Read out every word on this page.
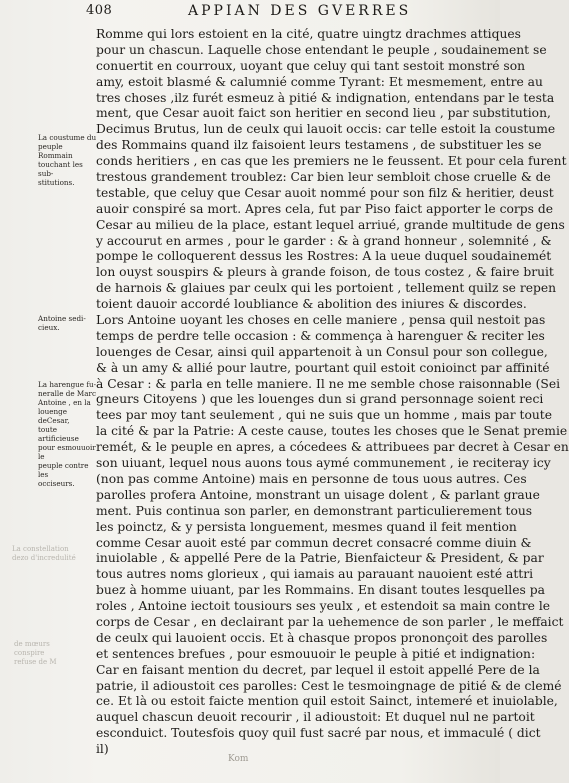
408	APPIAN DES GVERRES
La coustume du
peuple Rommain
touchant les sub-
stitutions.
Antoine sedi-
cieux.
La harengue fu-
neralle de Marc
Antoine , en la
louenge deCesar,
toute artificieuse
pour esmouuoir le
peuple contre les
occiseurs.
La constellation
dezo d'incredulité
de mœurs
conspire
refuse de M
Romme qui lors estoient en la cité, quatre uingtz drachmes attiques
pour un chascun. Laquelle chose entendant le peuple , soudainement se
conuertit en courroux, uoyant que celuy qui tant sestoit monstré son
amy, estoit blasmé & calumnié comme Tyrant: Et mesmement, entre au
tres choses ,ilz furét esmeuz à pitié & indignation, entendans par le testa
ment, que Cesar auoit faict son heritier en second lieu , par substitution,
Decimus Brutus, lun de ceulx qui lauoit occis: car telle estoit la coustume
des Rommains quand ilz faisoient leurs testamens , de substituer les se
conds heritiers , en cas que les premiers ne le feussent. Et pour cela furent
trestous grandement troublez: Car bien leur sembloit chose cruelle & de
testable, que celuy que Cesar auoit nommé pour son filz & heritier, deust
auoir conspiré sa mort. Apres cela, fut par Piso faict apporter le corps de
Cesar au milieu de la place, estant lequel arriué, grande multitude de gens
y accourut en armes , pour le garder : & à grand honneur , solemnité , &
pompe le colloquerent dessus les Rostres: A la ueue duquel soudainemét
lon ouyst souspirs & pleurs à grande foison, de tous costez , & faire bruit
de harnois & glaiues par ceulx qui les portoient , tellement quilz se repen
toient dauoir accordé loubliance & abolition des iniures & discordes.
Lors Antoine uoyant les choses en celle maniere , pensa quil nestoit pas
temps de perdre telle occasion : & commença à harenguer & reciter les
louenges de Cesar, ainsi quil appartenoit à un Consul pour son collegue,
& à un amy & allié pour lautre, pourtant quil estoit conioinct par affinité
à Cesar : & parla en telle maniere. Il ne me semble chose raisonnable (Sei
gneurs Citoyens ) que les louenges dun si grand personnage soient reci
tees par moy tant seulement , qui ne suis que un homme , mais par toute
la cité & par la Patrie: A ceste cause, toutes les choses que le Senat premie
remét, & le peuple en apres, a cócedees & attribuees par decret à Cesar en
son uiuant, lequel nous auons tous aymé communement , ie reciteray icy
(non pas comme Antoine) mais en personne de tous uous autres. Ces
parolles profera Antoine, monstrant un uisage dolent , & parlant graue
ment. Puis continua son parler, en demonstrant particulierement tous
les poinctz, & y persista longuement, mesmes quand il feit mention
comme Cesar auoit esté par commun decret consacré comme diuin &
inuiolable , & appellé Pere de la Patrie, Bienfaicteur & President, & par
tous autres noms glorieux , qui iamais au parauant nauoient esté attri
buez à homme uiuant, par les Rommains. En disant toutes lesquelles pa
roles , Antoine iectoit tousiours ses yeulx , et estendoit sa main contre le
corps de Cesar , en declairant par la uehemence de son parler , le meffaict
de ceulx qui lauoient occis. Et à chasque propos prononçoit des parolles
et sentences brefues , pour esmouuoir le peuple à pitié et indignation:
Car en faisant mention du decret, par lequel il estoit appellé Pere de la
patrie, il adioustoit ces parolles: Cest le tesmoingnage de pitié & de clemé
ce. Et là ou estoit faicte mention quil estoit Sainct, intemeré et inuiolable,
auquel chascun deuoit recourir , il adioustoit: Et duquel nul ne partoit
esconduict. Toutesfois quoy quil fust sacré par nous, et immaculé ( dict
il)
Kom
